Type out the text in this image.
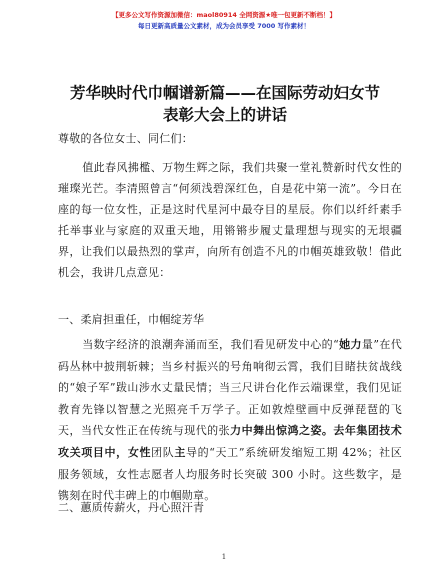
【更多公文写作资源加微信：maol80914 全网资源★唯一包更新不断档！】
每日更新高质量公文素材，成为会员享受 7000 写作素材！
芳华映时代巾帼谱新篇——在国际劳动妇女节
表彰大会上的讲话
尊敬的各位女士、同仁们：
值此春风拂檻、万物生辉之际，我们共聚一堂礼赞新时代女性的璀璨光芒。李清照曾言“何须浅碧深红色，自是花中第一流”。今日在座的每一位女性，正是这时代星河中最夺目的星辰。你们以纤纤素手托举事业与家庭的双重天地，用锵锵步履丈量理想与现实的无垠疆界，让我们以最热烈的掌声，向所有创造不凡的巾帼英雄致敬！借此机会，我讲几点意见：
一、柔肩担重任，巾帼绽芳华
当数字经济的浪潮奔涌而至，我们看见研发中心的“她力量”在代码丛林中披荆斩棘；当乡村振兴的号角响彻云霄，我们目睹扶贫战线的“娘子军”跋山涉水丈量民情；当三尺讲台化作云端课堂，我们见证教育先锋以智慧之光照亮千万学子。正如敦煌壁画中反弹琵琶的飞天，当代女性正在传统与现代的张力中舞出惊鸿之姿。去年集团技术攻关项目中，女性团队主导的“天工”系统研发缩短工期 42%；社区服务领域，女性志愿者人均服务时长突破 300 小时。这些数字，是镌刻在时代丰碑上的巾帼勋章。
二、蕙质传薪火，丹心照汗青
1
